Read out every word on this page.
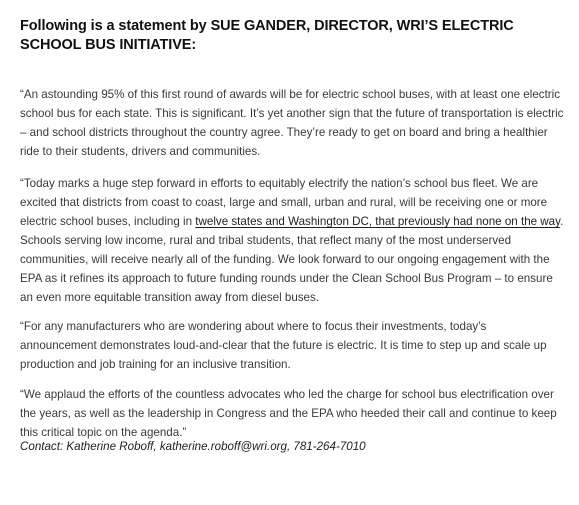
Following is a statement by SUE GANDER, DIRECTOR, WRI’S ELECTRIC SCHOOL BUS INITIATIVE:

“An astounding 95% of this first round of awards will be for electric school buses, with at least one electric school bus for each state. This is significant. It’s yet another sign that the future of transportation is electric – and school districts throughout the country agree. They’re ready to get on board and bring a healthier ride to their students, drivers and communities.

“Today marks a huge step forward in efforts to equitably electrify the nation’s school bus fleet. We are excited that districts from coast to coast, large and small, urban and rural, will be receiving one or more electric school buses, including in twelve states and Washington DC, that previously had none on the way. Schools serving low income, rural and tribal students, that reflect many of the most underserved communities, will receive nearly all of the funding. We look forward to our ongoing engagement with the EPA as it refines its approach to future funding rounds under the Clean School Bus Program – to ensure an even more equitable transition away from diesel buses.

“For any manufacturers who are wondering about where to focus their investments, today’s announcement demonstrates loud-and-clear that the future is electric. It is time to step up and scale up production and job training for an inclusive transition.

“We applaud the efforts of the countless advocates who led the charge for school bus electrification over the years, as well as the leadership in Congress and the EPA who heeded their call and continue to keep this critical topic on the agenda.”

Contact: Katherine Roboff, katherine.roboff@wri.org, 781-264-7010
